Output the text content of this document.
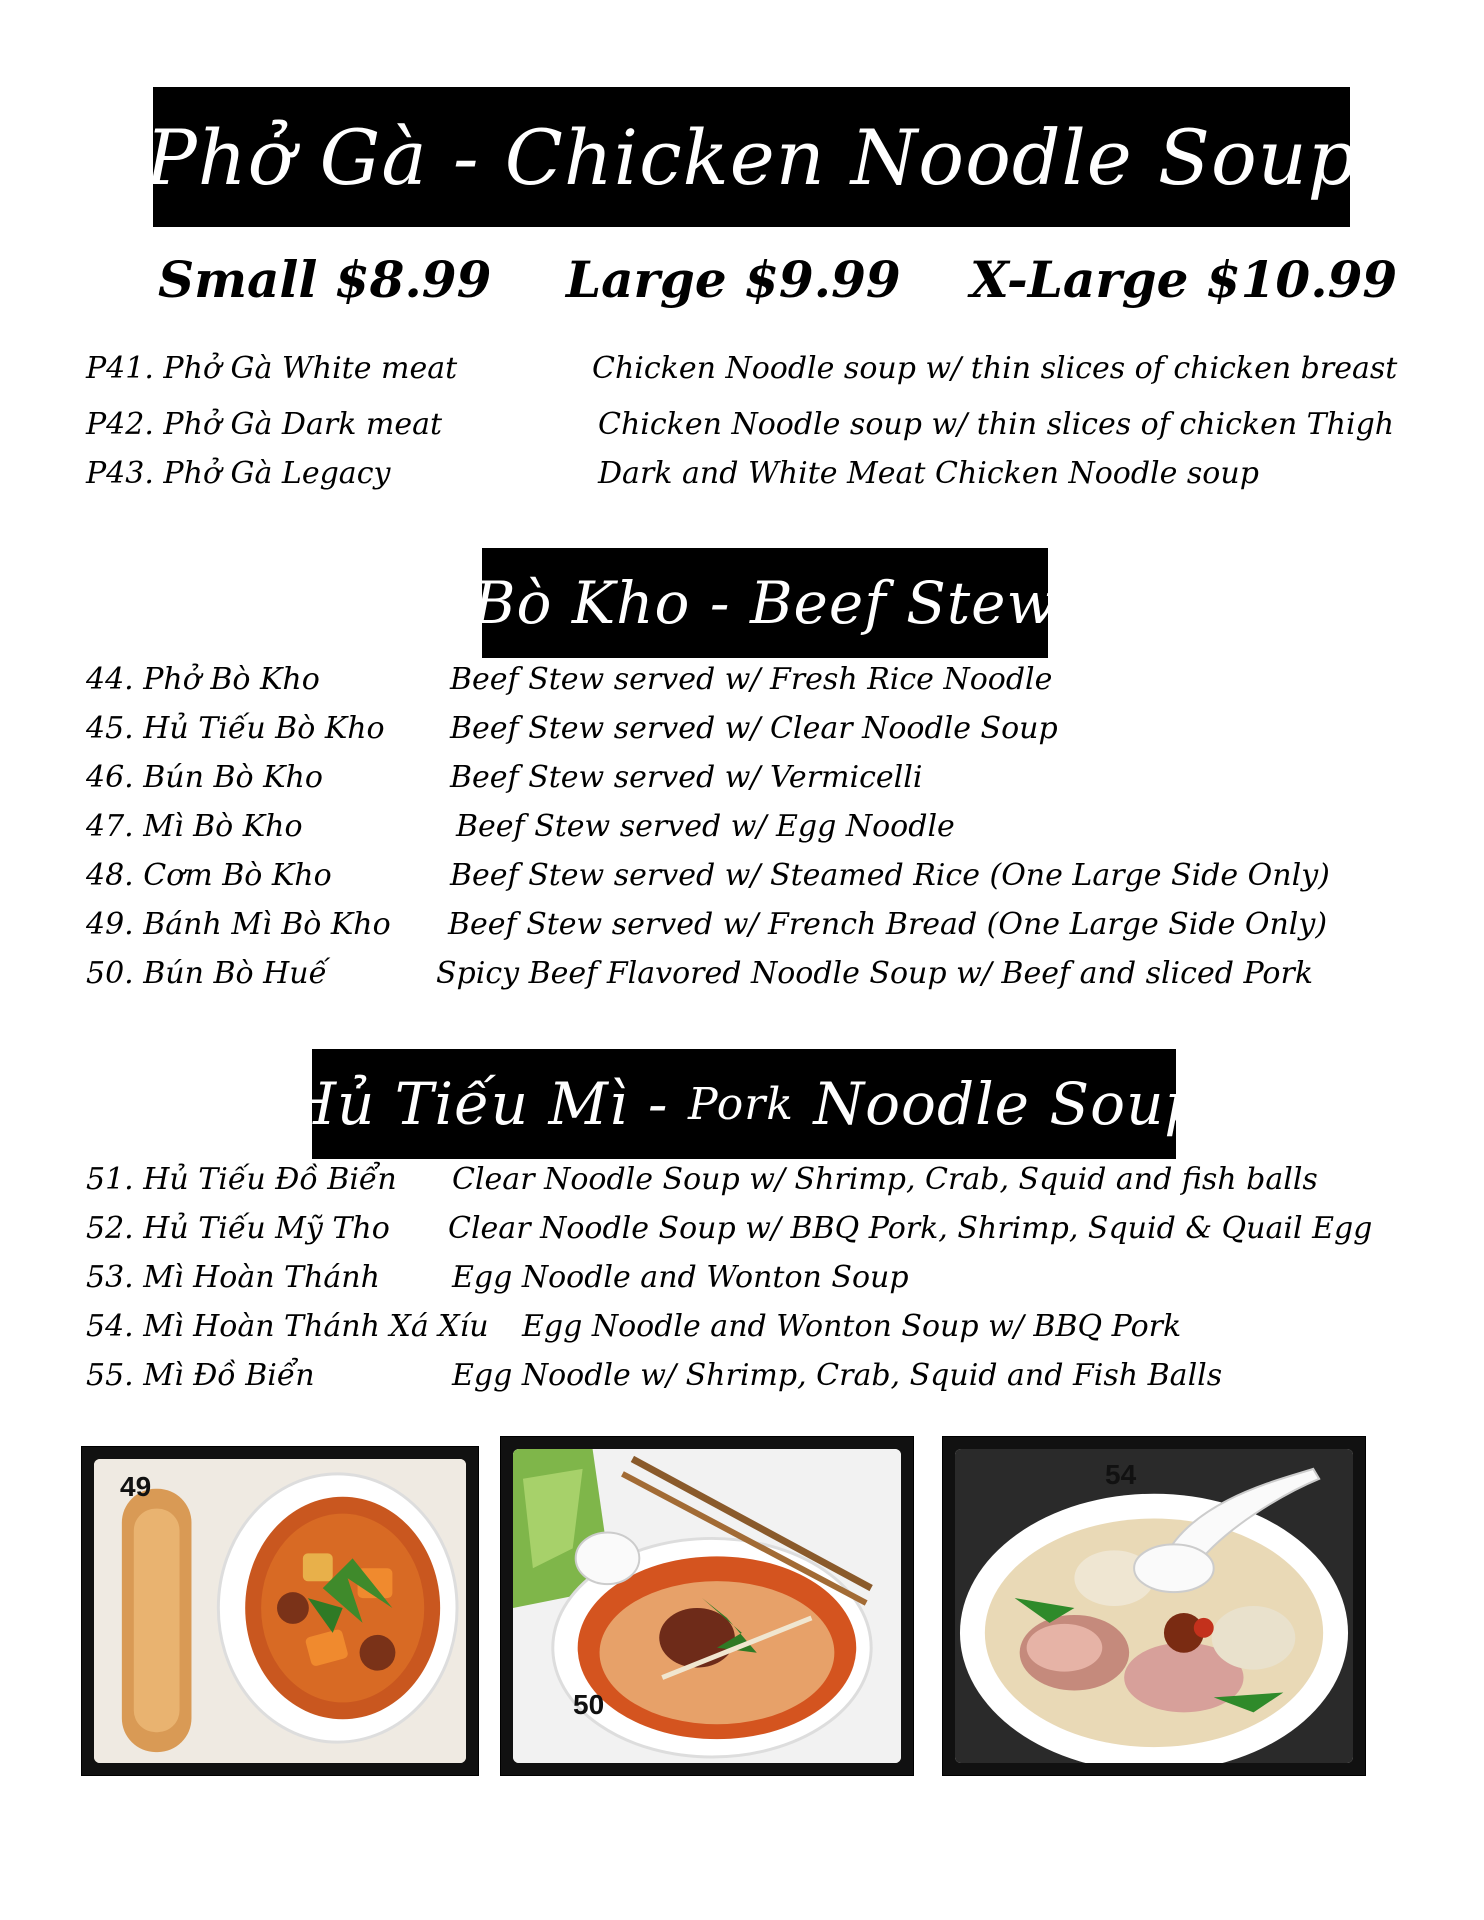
Phở Gà -
Chicken Noodle Soup
Small $8.99 Large $9.99 X-Large $10.99
P41. Phở Gà White meat	Chicken Noodle soup w/ thin slices of chicken breast
P42. Phở Gà Dark meat	Chicken Noodle soup w/ thin slices of chicken Thigh
P43. Phở Gà Legacy	Dark and White Meat Chicken Noodle soup
Bò Kho -
Beef Stew
44. Phở Bò Kho	Beef Stew served w/ Fresh Rice Noodle
45. Hủ Tiếu Bò Kho Beef Stew served w/ Clear Noodle Soup
46. Bún Bò Kho	Beef Stew served w/ Vermicelli
47. Mì Bò Kho	Beef Stew served w/ Egg Noodle
48. Cơm Bò Kho	Beef Stew served w/ Steamed Rice (One Large Side Only)
49. Bánh Mì Bò Kho Beef Stew served w/ French Bread (One Large Side Only)
50. Bún Bò Huế	Spicy Beef Flavored Noodle Soup w/ Beef and sliced Pork
Hủ Tiếu Mì -
Pork
Noodle Soup
51. Hủ Tiếu Đồ Biển Clear Noodle Soup w/ Shrimp, Crab, Squid and fish balls
52. Hủ Tiếu Mỹ Tho Clear Noodle Soup w/ BBQ Pork, Shrimp, Squid & Quail Egg
53. Mì Hoàn Thánh Egg Noodle and Wonton Soup
54. Mì Hoàn Thánh Xá Xíu Egg Noodle and Wonton Soup w/ BBQ Pork
55. Mì Đồ Biển	Egg Noodle w/ Shrimp, Crab, Squid and Fish Balls
49
50
54
